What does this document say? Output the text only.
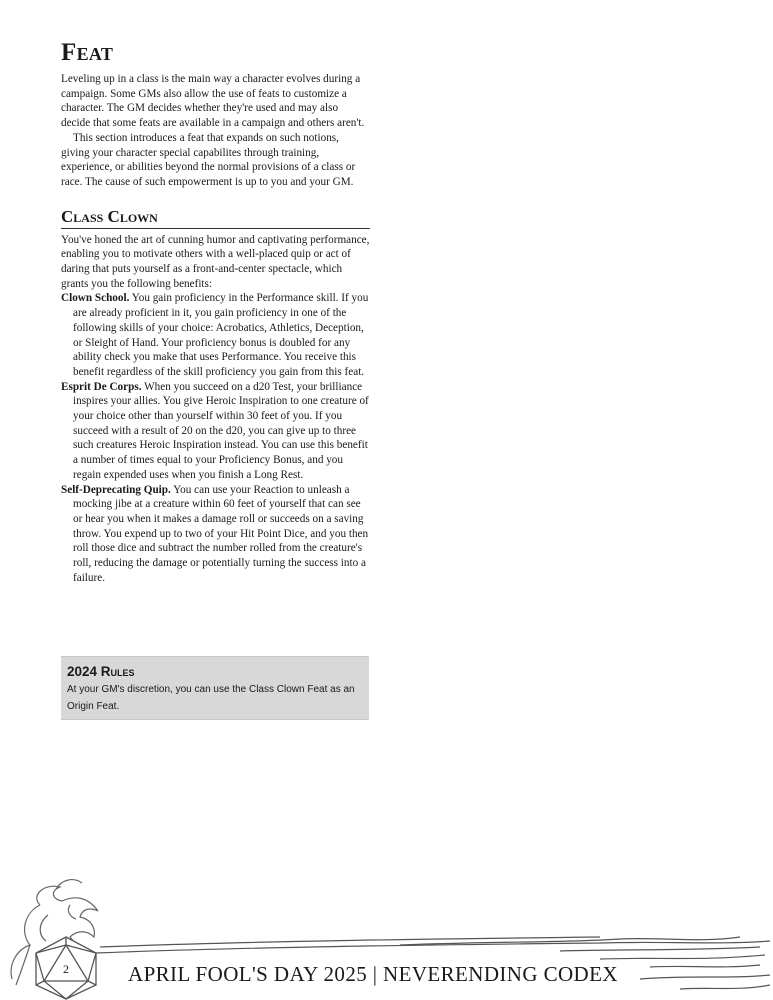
Feat

Leveling up in a class is the main way a character evolves during a campaign. Some GMs also allow the use of feats to customize a character. The GM decides whether they're used and may also decide that some feats are available in a campaign and others aren't.

This section introduces a feat that expands on such notions, giving your character special capabilites through training, experience, or abilities beyond the normal provisions of a class or race. The cause of such empowerment is up to you and your GM.

Class Clown

You've honed the art of cunning humor and captivating performance, enabling you to motivate others with a well-placed quip or act of daring that puts yourself as a front-and-center spectacle, which grants you the following benefits:

Clown School. You gain proficiency in the Performance skill. If you are already proficient in it, you gain proficiency in one of the following skills of your choice: Acrobatics, Athletics, Deception, or Sleight of Hand. Your proficiency bonus is doubled for any ability check you make that uses Performance. You receive this benefit regardless of the skill proficiency you gain from this feat.

Esprit De Corps. When you succeed on a d20 Test, your brilliance inspires your allies. You give Heroic Inspiration to one creature of your choice other than yourself within 30 feet of you. If you succeed with a result of 20 on the d20, you can give up to three such creatures Heroic Inspiration instead. You can use this benefit a number of times equal to your Proficiency Bonus, and you regain expended uses when you finish a Long Rest.

Self-Deprecating Quip. You can use your Reaction to unleash a mocking jibe at a creature within 60 feet of yourself that can see or hear you when it makes a damage roll or succeeds on a saving throw. You expend up to two of your Hit Point Dice, and you then roll those dice and subtract the number rolled from the creature's roll, reducing the damage or potentially turning the success into a failure.

2024 Rules

At your GM's discretion, you can use the Class Clown Feat as an Origin Feat.

2	APRIL FOOL'S DAY 2025 | NEVERENDING CODEX
